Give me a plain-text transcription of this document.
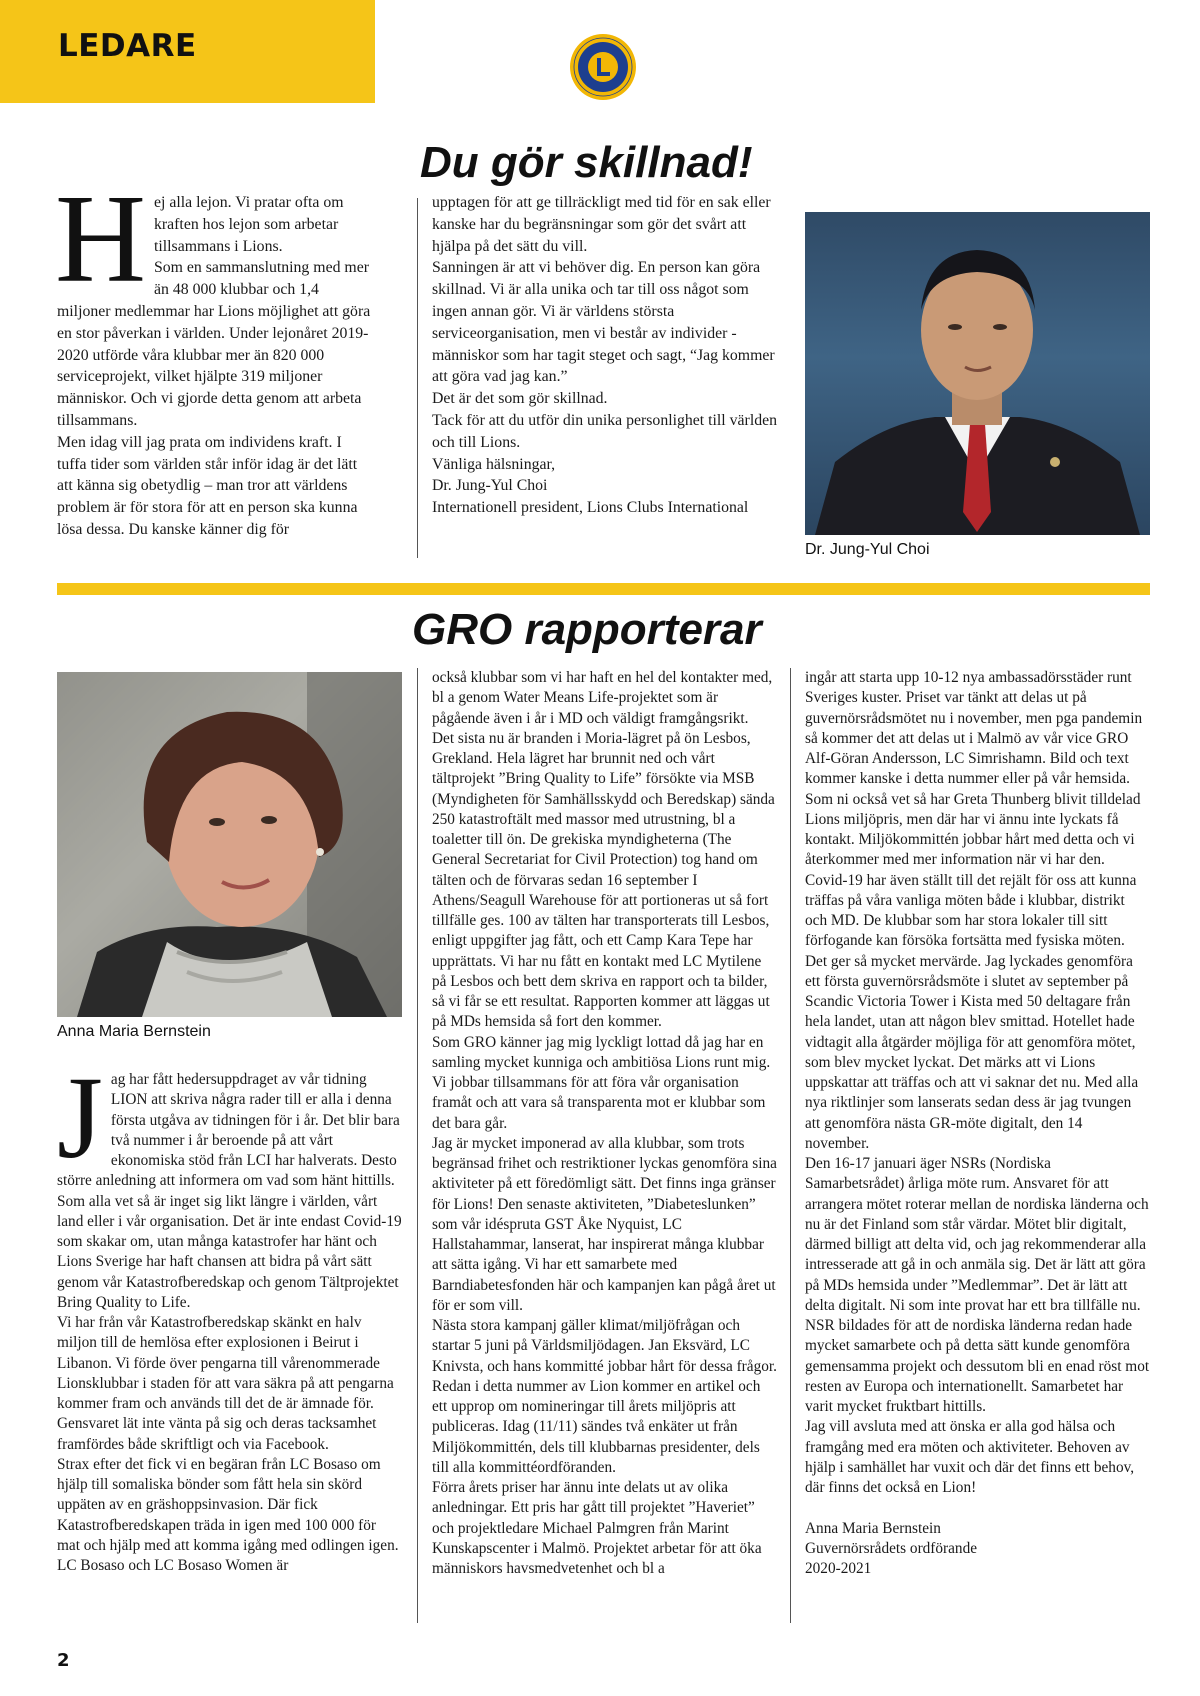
LEDARE
Du gör skillnad!
Hej alla lejon. Vi pratar ofta om kraften hos lejon som arbetar tillsammans i Lions.
Som en sammanslutning med mer än 48 000 klubbar och 1,4 miljoner medlemmar har Lions möjlighet att göra en stor påverkan i världen. Under lejonåret 2019-2020 utförde våra klubbar mer än 820 000 serviceprojekt, vilket hjälpte 319 miljoner människor. Och vi gjorde detta genom att arbeta tillsammans.
Men idag vill jag prata om individens kraft. I tuffa tider som världen står inför idag är det lätt att känna sig obetydlig – man tror att världens problem är för stora för att en person ska kunna lösa dessa. Du kanske känner dig för
upptagen för att ge tillräckligt med tid för en sak eller kanske har du begränsningar som gör det svårt att hjälpa på det sätt du vill.
Sanningen är att vi behöver dig. En person kan göra skillnad. Vi är alla unika och tar till oss något som ingen annan gör. Vi är världens största serviceorganisation, men vi består av individer - människor som har tagit steget och sagt, “Jag kommer att göra vad jag kan.”
Det är det som gör skillnad.
Tack för att du utför din unika personlighet till världen och till Lions.
Vänliga hälsningar,
Dr. Jung-Yul Choi
Internationell president, Lions Clubs International

Dr. Jung-Yul Choi

GRO rapporterar

Anna Maria Bernstein

Jag har fått hedersuppdraget av vår tidning LION att skriva några rader till er alla i denna första utgåva av tidningen för i år. Det blir bara två nummer i år beroende på att vårt ekonomiska stöd från LCI har halverats. Desto större anledning att informera om vad som hänt hittills.
Som alla vet så är inget sig likt längre i världen, vårt land eller i vår organisation. Det är inte endast Covid-19 som skakar om, utan många katastrofer har hänt och Lions Sverige har haft chansen att bidra på vårt sätt genom vår Katastrofberedskap och genom Tältprojektet Bring Quality to Life.
Vi har från vår Katastrofberedskap skänkt en halv miljon till de hemlösa efter explosionen i Beirut i Libanon. Vi förde över pengarna till vårenommerade Lionsklubbar i staden för att vara säkra på att pengarna kommer fram och används till det de är ämnade för. Gensvaret lät inte vänta på sig och deras tacksamhet framfördes både skriftligt och via Facebook.
Strax efter det fick vi en begäran från LC Bosaso om hjälp till somaliska bönder som fått hela sin skörd uppäten av en gräshoppsinvasion. Där fick Katastrofberedskapen träda in igen med 100 000 för mat och hjälp med att komma igång med odlingen igen. LC Bosaso och LC Bosaso Women är
också klubbar som vi har haft en hel del kontakter med, bl a genom Water Means Life-projektet som är pågående även i år i MD och väldigt framgångsrikt.
Det sista nu är branden i Moria-lägret på ön Lesbos, Grekland. Hela lägret har brunnit ned och vårt tältprojekt ”Bring Quality to Life” försökte via MSB (Myndigheten för Samhällsskydd och Beredskap) sända 250 katastroftält med massor med utrustning, bl a toaletter till ön. De grekiska myndigheterna (The General Secretariat for Civil Protection) tog hand om tälten och de förvaras sedan 16 september I Athens/Seagull Warehouse för att portioneras ut så fort tillfälle ges. 100 av tälten har transporterats till Lesbos, enligt uppgifter jag fått, och ett Camp Kara Tepe har upprättats. Vi har nu fått en kontakt med LC Mytilene på Lesbos och bett dem skriva en rapport och ta bilder, så vi får se ett resultat. Rapporten kommer att läggas ut på MDs hemsida så fort den kommer.
Som GRO känner jag mig lyckligt lottad då jag har en samling mycket kunniga och ambitiösa Lions runt mig. Vi jobbar tillsammans för att föra vår organisation framåt och att vara så transparenta mot er klubbar som det bara går.
Jag är mycket imponerad av alla klubbar, som trots begränsad frihet och restriktioner lyckas genomföra sina aktiviteter på ett föredömligt sätt. Det finns inga gränser för Lions! Den senaste aktiviteten, ”Diabeteslunken” som vår idéspruta GST Åke Nyquist, LC Hallstahammar, lanserat, har inspirerat många klubbar att sätta igång. Vi har ett samarbete med Barndiabetesfonden här och kampanjen kan pågå året ut för er som vill.
Nästa stora kampanj gäller klimat/miljöfrågan och startar 5 juni på Världsmiljödagen. Jan Eksvärd, LC Knivsta, och hans kommitté jobbar hårt för dessa frågor. Redan i detta nummer av Lion kommer en artikel och ett upprop om nomineringar till årets miljöpris att publiceras. Idag (11/11) sändes två enkäter ut från Miljökommittén, dels till klubbarnas presidenter, dels till alla kommittéordföranden.
Förra årets priser har ännu inte delats ut av olika anledningar. Ett pris har gått till projektet ”Haveriet” och projektledare Michael Palmgren från Marint Kunskapscenter i Malmö. Projektet arbetar för att öka människors havsmedvetenhet och bl a
ingår att starta upp 10-12 nya ambassadörsstäder runt Sveriges kuster. Priset var tänkt att delas ut på guvernörsrådsmötet nu i november, men pga pandemin så kommer det att delas ut i Malmö av vår vice GRO Alf-Göran Andersson, LC Simrishamn. Bild och text kommer kanske i detta nummer eller på vår hemsida. Som ni också vet så har Greta Thunberg blivit tilldelad Lions miljöpris, men där har vi ännu inte lyckats få kontakt. Miljökommittén jobbar hårt med detta och vi återkommer med mer information när vi har den.
Covid-19 har även ställt till det rejält för oss att kunna träffas på våra vanliga möten både i klubbar, distrikt och MD. De klubbar som har stora lokaler till sitt förfogande kan försöka fortsätta med fysiska möten. Det ger så mycket mervärde. Jag lyckades genomföra ett första guvernörsrådsmöte i slutet av september på Scandic Victoria Tower i Kista med 50 deltagare från hela landet, utan att någon blev smittad. Hotellet hade vidtagit alla åtgärder möjliga för att genomföra mötet, som blev mycket lyckat. Det märks att vi Lions uppskattar att träffas och att vi saknar det nu. Med alla nya riktlinjer som lanserats sedan dess är jag tvungen att genomföra nästa GR-möte digitalt, den 14 november.
Den 16-17 januari äger NSRs (Nordiska Samarbetsrådet) årliga möte rum. Ansvaret för att arrangera mötet roterar mellan de nordiska länderna och nu är det Finland som står värdar. Mötet blir digitalt, därmed billigt att delta vid, och jag rekommenderar alla intresserade att gå in och anmäla sig. Det är lätt att göra på MDs hemsida under ”Medlemmar”. Det är lätt att delta digitalt. Ni som inte provat har ett bra tillfälle nu. NSR bildades för att de nordiska länderna redan hade mycket samarbete och på detta sätt kunde genomföra gemensamma projekt och dessutom bli en enad röst mot resten av Europa och internationellt. Samarbetet har varit mycket fruktbart hittills.
Jag vill avsluta med att önska er alla god hälsa och framgång med era möten och aktiviteter. Behoven av hjälp i samhället har vuxit och där det finns ett behov, där finns det också en Lion!

Anna Maria Bernstein
Guvernörsrådets ordförande
2020-2021
2
